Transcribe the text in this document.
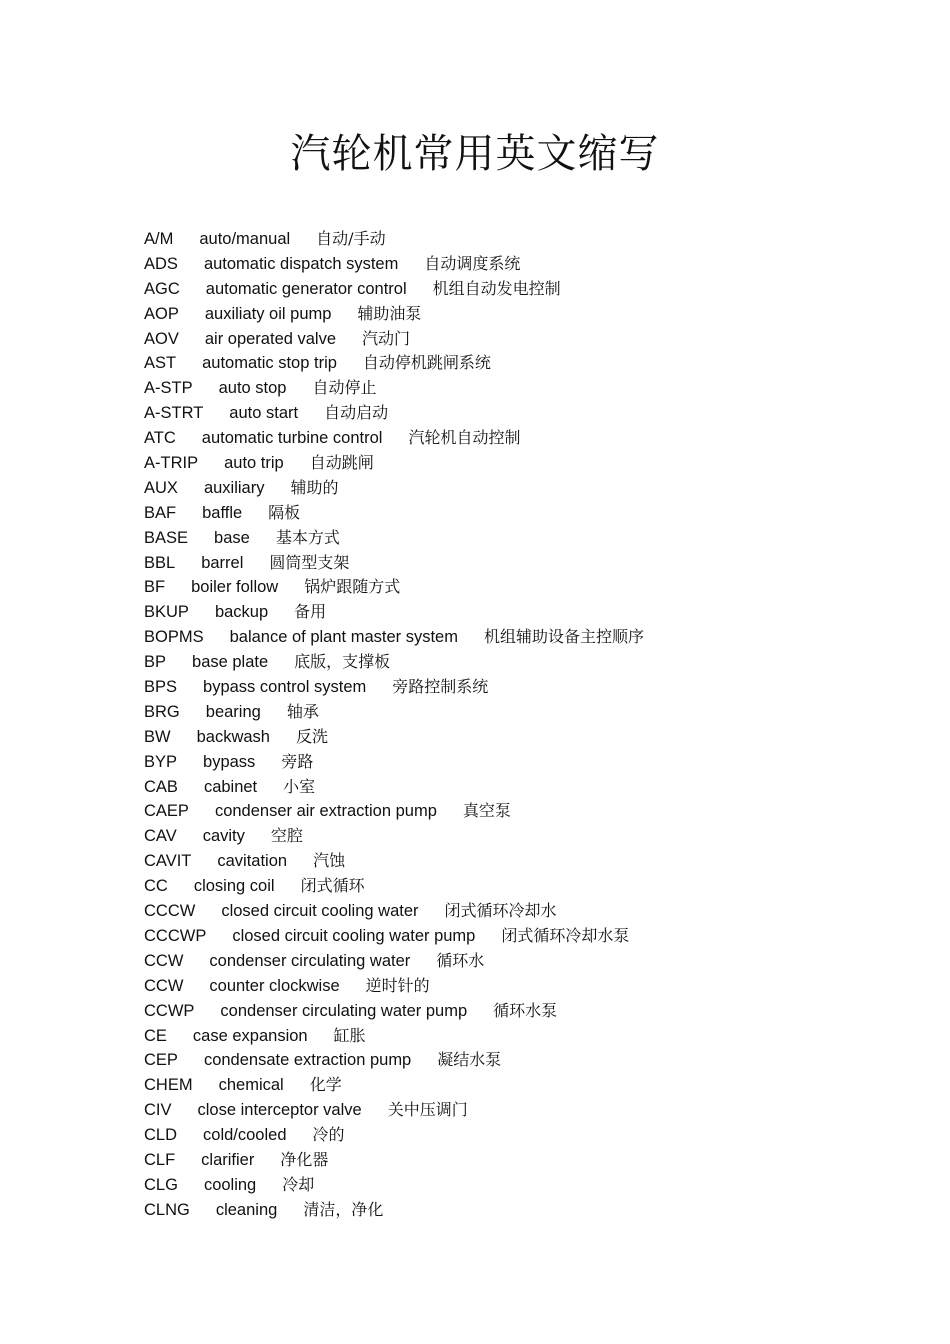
汽轮机常用英文缩写
A/M auto/manual 自动/手动
ADS automatic dispatch system 自动调度系统
AGC automatic generator control 机组自动发电控制
AOP auxiliaty oil pump 辅助油泵
AOV air operated valve 汽动门
AST automatic stop trip 自动停机跳闸系统
A-STP auto stop 自动停止
A-STRT auto start 自动启动
ATC automatic turbine control 汽轮机自动控制
A-TRIP auto trip 自动跳闸
AUX auxiliary 辅助的
BAF baffle 隔板
BASE base 基本方式
BBL barrel 圆筒型支架
BF boiler follow 锅炉跟随方式
BKUP backup 备用
BOPMS balance of plant master system 机组辅助设备主控顺序
BP base plate 底版，支撑板
BPS bypass control system 旁路控制系统
BRG bearing 轴承
BW backwash 反洗
BYP bypass 旁路
CAB cabinet 小室
CAEP condenser air extraction pump 真空泵
CAV cavity 空腔
CAVIT cavitation 汽蚀
CC closing coil 闭式循环
CCCW closed circuit cooling water 闭式循环冷却水
CCCWP closed circuit cooling water pump 闭式循环冷却水泵
CCW condenser circulating water 循环水
CCW counter clockwise 逆时针的
CCWP condenser circulating water pump 循环水泵
CE case expansion 缸胀
CEP condensate extraction pump 凝结水泵
CHEM chemical 化学
CIV close interceptor valve 关中压调门
CLD cold/cooled 冷的
CLF clarifier 净化器
CLG cooling 冷却
CLNG cleaning 清洁，净化
